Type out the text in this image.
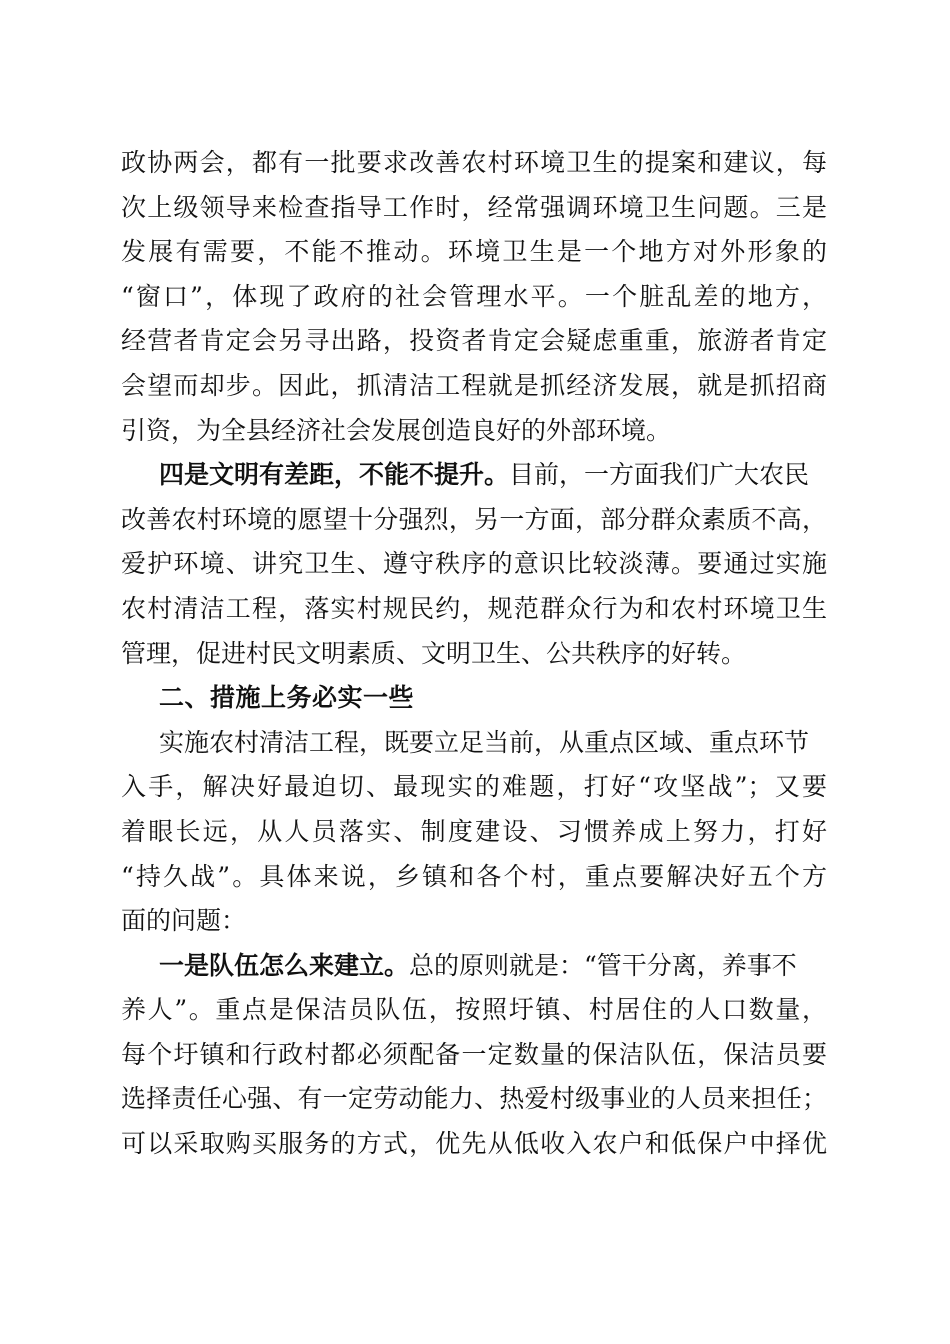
政协两会，都有一批要求改善农村环境卫生的提案和建议，每
次上级领导来检查指导工作时，经常强调环境卫生问题。三是
发展有需要，不能不推动。环境卫生是一个地方对外形象的
“窗口”，体现了政府的社会管理水平。一个脏乱差的地方，
经营者肯定会另寻出路，投资者肯定会疑虑重重，旅游者肯定
会望而却步。因此，抓清洁工程就是抓经济发展，就是抓招商
引资，为全县经济社会发展创造良好的外部环境。
四是文明有差距，不能不提升。目前，一方面我们广大农民
改善农村环境的愿望十分强烈，另一方面，部分群众素质不高，
爱护环境、讲究卫生、遵守秩序的意识比较淡薄。要通过实施
农村清洁工程，落实村规民约，规范群众行为和农村环境卫生
管理，促进村民文明素质、文明卫生、公共秩序的好转。
二、措施上务必实一些
实施农村清洁工程，既要立足当前，从重点区域、重点环节
入手，解决好最迫切、最现实的难题，打好“攻坚战”；又要
着眼长远，从人员落实、制度建设、习惯养成上努力，打好
“持久战”。具体来说，乡镇和各个村，重点要解决好五个方
面的问题：
一是队伍怎么来建立。总的原则就是：“管干分离，养事不
养人”。重点是保洁员队伍，按照圩镇、村居住的人口数量，
每个圩镇和行政村都必须配备一定数量的保洁队伍，保洁员要
选择责任心强、有一定劳动能力、热爱村级事业的人员来担任；
可以采取购买服务的方式，优先从低收入农户和低保户中择优
